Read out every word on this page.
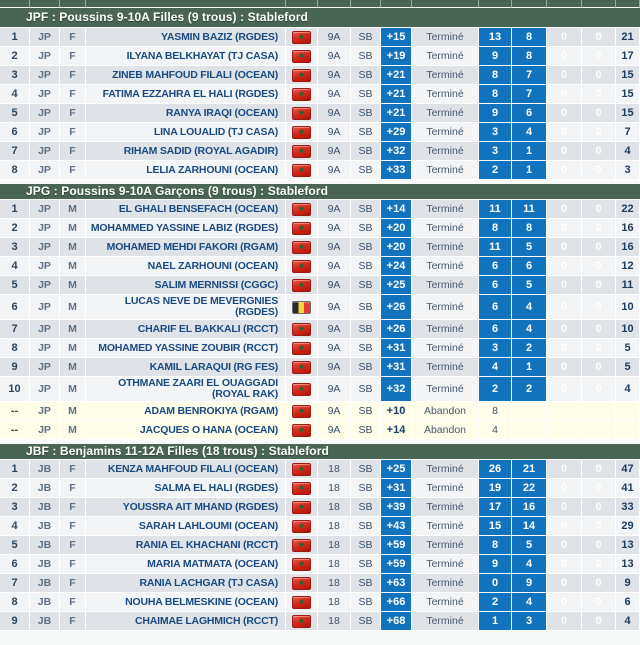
JPF : Poussins 9-10A Filles (9 trous) : Stableford													
1	JP	F	YASMIN BAZIZ (RGDES)	★	9A	SB	+15	Terminé	13	8	0	0	21
2	JP	F	ILYANA BELKHAYAT (TJ CASA)	★	9A	SB	+19	Terminé	9	8	0	0	17
3	JP	F	ZINEB MAHFOUD FILALI (OCEAN)	★	9A	SB	+21	Terminé	8	7	0	0	15
4	JP	F	FATIMA EZZAHRA EL HALI (RGDES)	★	9A	SB	+21	Terminé	8	7	0	0	15
5	JP	F	RANYA IRAQI (OCEAN)	★	9A	SB	+21	Terminé	9	6	0	0	15
6	JP	F	LINA LOUALID (TJ CASA)	★	9A	SB	+29	Terminé	3	4	0	0	7
7	JP	F	RIHAM SADID (ROYAL AGADIR)	★	9A	SB	+32	Terminé	3	1	0	0	4
8	JP	F	LELIA ZARHOUNI (OCEAN)	★	9A	SB	+33	Terminé	2	1	0	0	3
JPG : Poussins 9-10A Garçons (9 trous) : Stableford													
1	JP	M	EL GHALI BENSEFACH (OCEAN)	★	9A	SB	+14	Terminé	11	11	0	0	22
2	JP	M	MOHAMMED YASSINE LABIZ (RGDES)	★	9A	SB	+20	Terminé	8	8	0	0	16
3	JP	M	MOHAMED MEHDI FAKORI (RGAM)	★	9A	SB	+20	Terminé	11	5	0	0	16
4	JP	M	NAEL ZARHOUNI (OCEAN)	★	9A	SB	+24	Terminé	6	6	0	0	12
5	JP	M	SALIM MERNISSI (CGGC)	★	9A	SB	+25	Terminé	6	5	0	0	11
6	JP	M	LUCAS NEVE DE MEVERGNIES (RGDES)		9A	SB	+26	Terminé	6	4	0	0	10
7	JP	M	CHARIF EL BAKKALI (RCCT)	★	9A	SB	+26	Terminé	6	4	0	0	10
8	JP	M	MOHAMED YASSINE ZOUBIR (RCCT)	★	9A	SB	+31	Terminé	3	2	0	0	5
9	JP	M	KAMIL LARAQUI (RG FES)	★	9A	SB	+31	Terminé	4	1	0	0	5
10	JP	M	OTHMANE ZAARI EL OUAGGADI (ROYAL RAK)	★	9A	SB	+32	Terminé	2	2	0	0	4
--	JP	M	ADAM BENROKIYA (RGAM)	★	9A	SB	+10	Abandon	8				
--	JP	M	JACQUES O HANA (OCEAN)	★	9A	SB	+14	Abandon	4				
JBF : Benjamins 11-12A Filles (18 trous) : Stableford													
1	JB	F	KENZA MAHFOUD FILALI (OCEAN)	★	18	SB	+25	Terminé	26	21	0	0	47
2	JB	F	SALMA EL HALI (RGDES)	★	18	SB	+31	Terminé	19	22	0	0	41
3	JB	F	YOUSSRA AIT MHAND (RGDES)	★	18	SB	+39	Terminé	17	16	0	0	33
4	JB	F	SARAH LAHLOUMI (OCEAN)	★	18	SB	+43	Terminé	15	14	0	0	29
5	JB	F	RANIA EL KHACHANI (RCCT)	★	18	SB	+59	Terminé	8	5	0	0	13
6	JB	F	MARIA MATMATA (OCEAN)	★	18	SB	+59	Terminé	9	4	0	0	13
7	JB	F	RANIA LACHGAR (TJ CASA)	★	18	SB	+63	Terminé	0	9	0	0	9
8	JB	F	NOUHA BELMESKINE (OCEAN)	★	18	SB	+66	Terminé	2	4	0	0	6
9	JB	F	CHAIMAE LAGHMICH (RCCT)	★	18	SB	+68	Terminé	1	3	0	0	4
